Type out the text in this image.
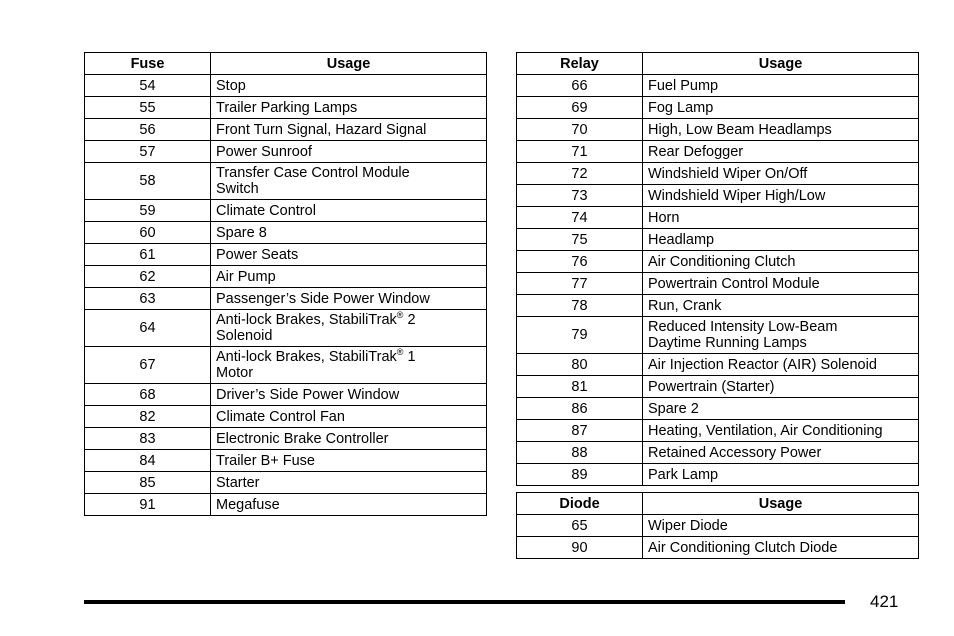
Fuse	Usage
54	Stop
55	Trailer Parking Lamps
56	Front Turn Signal, Hazard Signal
57	Power Sunroof
58	Transfer Case Control Module
Switch
59	Climate Control
60	Spare 8
61	Power Seats
62	Air Pump
63	Passenger’s Side Power Window
64	Anti-lock Brakes, StabiliTrak® 2
Solenoid
67	Anti-lock Brakes, StabiliTrak® 1
Motor
68	Driver’s Side Power Window
82	Climate Control Fan
83	Electronic Brake Controller
84	Trailer B+ Fuse
85	Starter
91	Megafuse
Relay	Usage
66	Fuel Pump
69	Fog Lamp
70	High, Low Beam Headlamps
71	Rear Defogger
72	Windshield Wiper On/Off
73	Windshield Wiper High/Low
74	Horn
75	Headlamp
76	Air Conditioning Clutch
77	Powertrain Control Module
78	Run, Crank
79	Reduced Intensity Low-Beam
Daytime Running Lamps
80	Air Injection Reactor (AIR) Solenoid
81	Powertrain (Starter)
86	Spare 2
87	Heating, Ventilation, Air Conditioning
88	Retained Accessory Power
89	Park Lamp
Diode	Usage
65	Wiper Diode
90	Air Conditioning Clutch Diode
421
